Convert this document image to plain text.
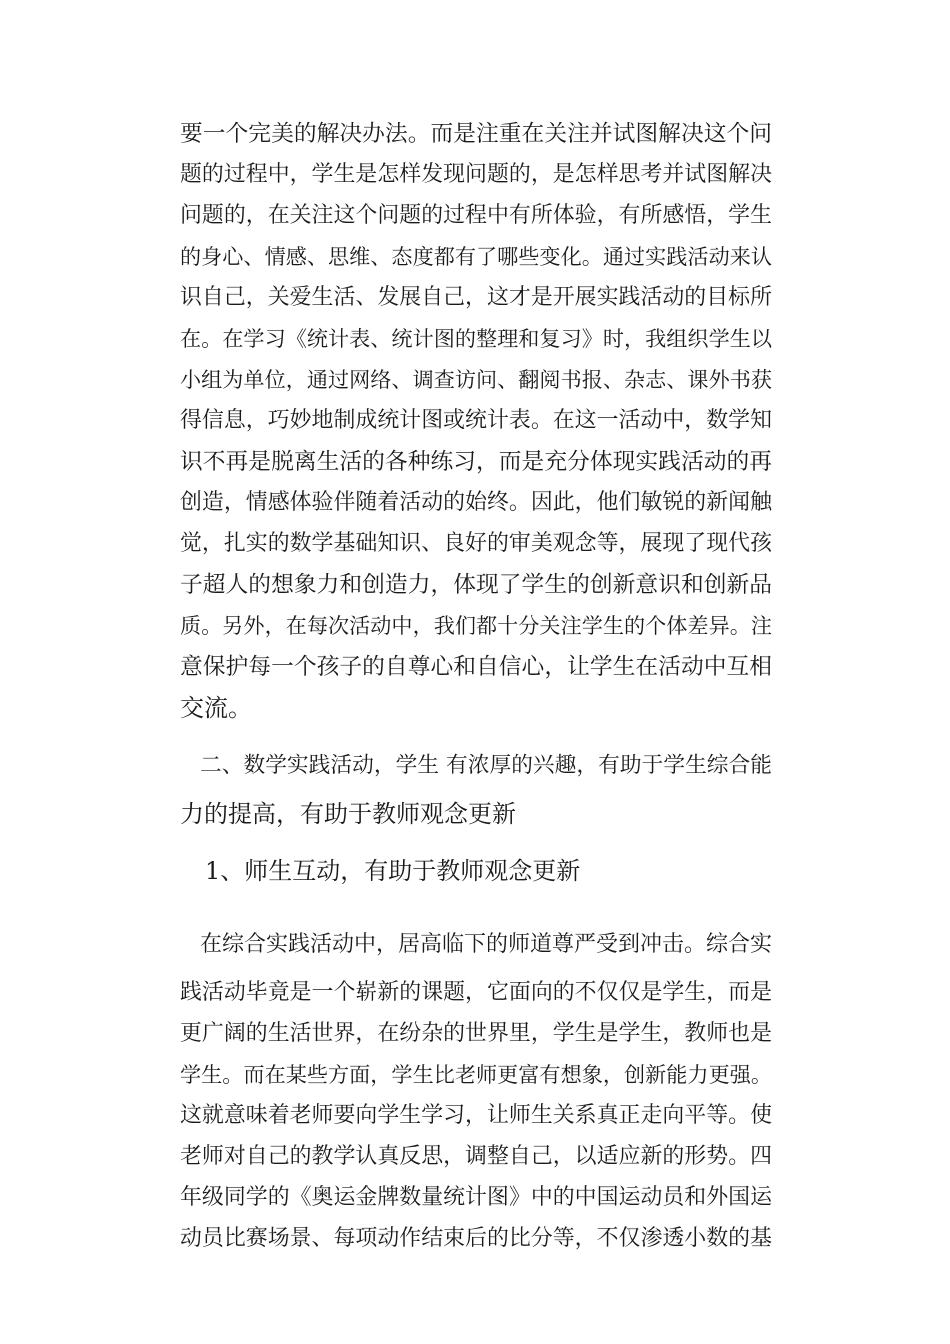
要一个完美的解决办法。而是注重在关注并试图解决这个问
题的过程中，学生是怎样发现问题的，是怎样思考并试图解决
问题的，在关注这个问题的过程中有所体验，有所感悟，学生
的身心、情感、思维、态度都有了哪些变化。通过实践活动来认
识自己，关爱生活、发展自己，这才是开展实践活动的目标所
在。在学习《统计表、统计图的整理和复习》时，我组织学生以
小组为单位，通过网络、调查访问、翻阅书报、杂志、课外书获
得信息，巧妙地制成统计图或统计表。在这一活动中，数学知
识不再是脱离生活的各种练习，而是充分体现实践活动的再
创造，情感体验伴随着活动的始终。因此，他们敏锐的新闻触
觉，扎实的数学基础知识、良好的审美观念等，展现了现代孩
子超人的想象力和创造力，体现了学生的创新意识和创新品
质。另外，在每次活动中，我们都十分关注学生的个体差异。注
意保护每一个孩子的自尊心和自信心，让学生在活动中互相
交流。
二、数学实践活动，学生 有浓厚的兴趣，有助于学生综合能
力的提高，有助于教师观念更新
1、师生互动，有助于教师观念更新
在综合实践活动中，居高临下的师道尊严受到冲击。综合实
践活动毕竟是一个崭新的课题，它面向的不仅仅是学生，而是
更广阔的生活世界，在纷杂的世界里，学生是学生，教师也是
学生。而在某些方面，学生比老师更富有想象，创新能力更强。
这就意味着老师要向学生学习，让师生关系真正走向平等。使
老师对自己的教学认真反思，调整自己，以适应新的形势。四
年级同学的《奥运金牌数量统计图》中的中国运动员和外国运
动员比赛场景、每项动作结束后的比分等，不仅渗透小数的基
